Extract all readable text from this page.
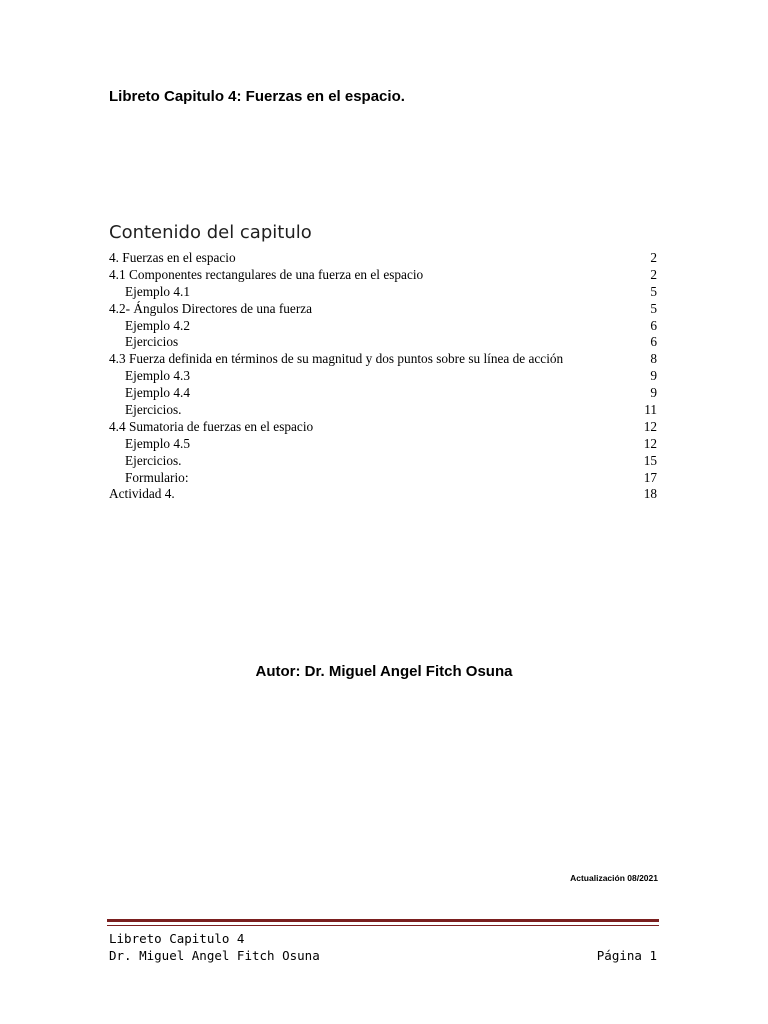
Libreto Capitulo 4: Fuerzas en el espacio.
Contenido del capitulo
4. Fuerzas en el espacio	2
4.1 Componentes rectangulares de una fuerza en el espacio	2
Ejemplo 4.1	5
4.2- Ángulos Directores de una fuerza	5
Ejemplo 4.2	6
Ejercicios	6
4.3 Fuerza definida en términos de su magnitud y dos puntos sobre su línea de acción	8
Ejemplo 4.3	9
Ejemplo 4.4	9
Ejercicios.	11
4.4 Sumatoria de fuerzas en el espacio	12
Ejemplo 4.5	12
Ejercicios.	15
Formulario:	17
Actividad 4.	18
Autor: Dr. Miguel Angel Fitch Osuna
Actualización 08/2021
Libreto Capitulo 4
Dr. Miguel Angel Fitch Osuna	Página 1
